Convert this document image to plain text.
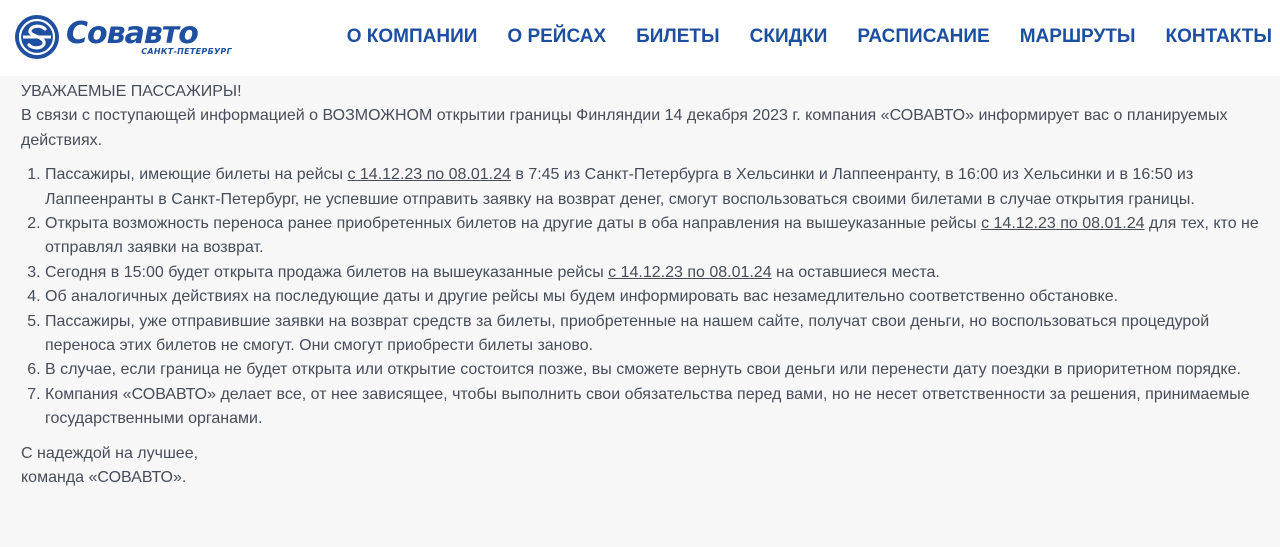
Совавто
САНКТ-ПЕТЕРБУРГ
О КОМПАНИИ	О РЕЙСАХ	БИЛЕТЫ	СКИДКИ	РАСПИСАНИЕ	МАРШРУТЫ	КОНТАКТЫ

УВАЖАЕМЫЕ ПАССАЖИРЫ!

В связи с поступающей информацией о ВОЗМОЖНОМ открытии границы Финляндии 14 декабря 2023 г. компания «СОВАВТО» информирует вас о планируемых действиях.

1. Пассажиры, имеющие билеты на рейсы с 14.12.23 по 08.01.24 в 7:45 из Санкт-Петербурга в Хельсинки и Лаппеенранту, в 16:00 из Хельсинки и в 16:50 из Лаппеенранты в Санкт-Петербург, не успевшие отправить заявку на возврат денег, смогут воспользоваться своими билетами в случае открытия границы.
2. Открыта возможность переноса ранее приобретенных билетов на другие даты в оба направления на вышеуказанные рейсы с 14.12.23 по 08.01.24 для тех, кто не отправлял заявки на возврат.
3. Сегодня в 15:00 будет открыта продажа билетов на вышеуказанные рейсы с 14.12.23 по 08.01.24 на оставшиеся места.
4. Об аналогичных действиях на последующие даты и другие рейсы мы будем информировать вас незамедлительно соответственно обстановке.
5. Пассажиры, уже отправившие заявки на возврат средств за билеты, приобретенные на нашем сайте, получат свои деньги, но воспользоваться процедурой переноса этих билетов не смогут. Они смогут приобрести билеты заново.
6. В случае, если граница не будет открыта или открытие состоится позже, вы сможете вернуть свои деньги или перенести дату поездки в приоритетном порядке.
7. Компания «СОВАВТО» делает все, от нее зависящее, чтобы выполнить свои обязательства перед вами, но не несет ответственности за решения, принимаемые государственными органами.

С надеждой на лучшее,

команда «СОВАВТО».
